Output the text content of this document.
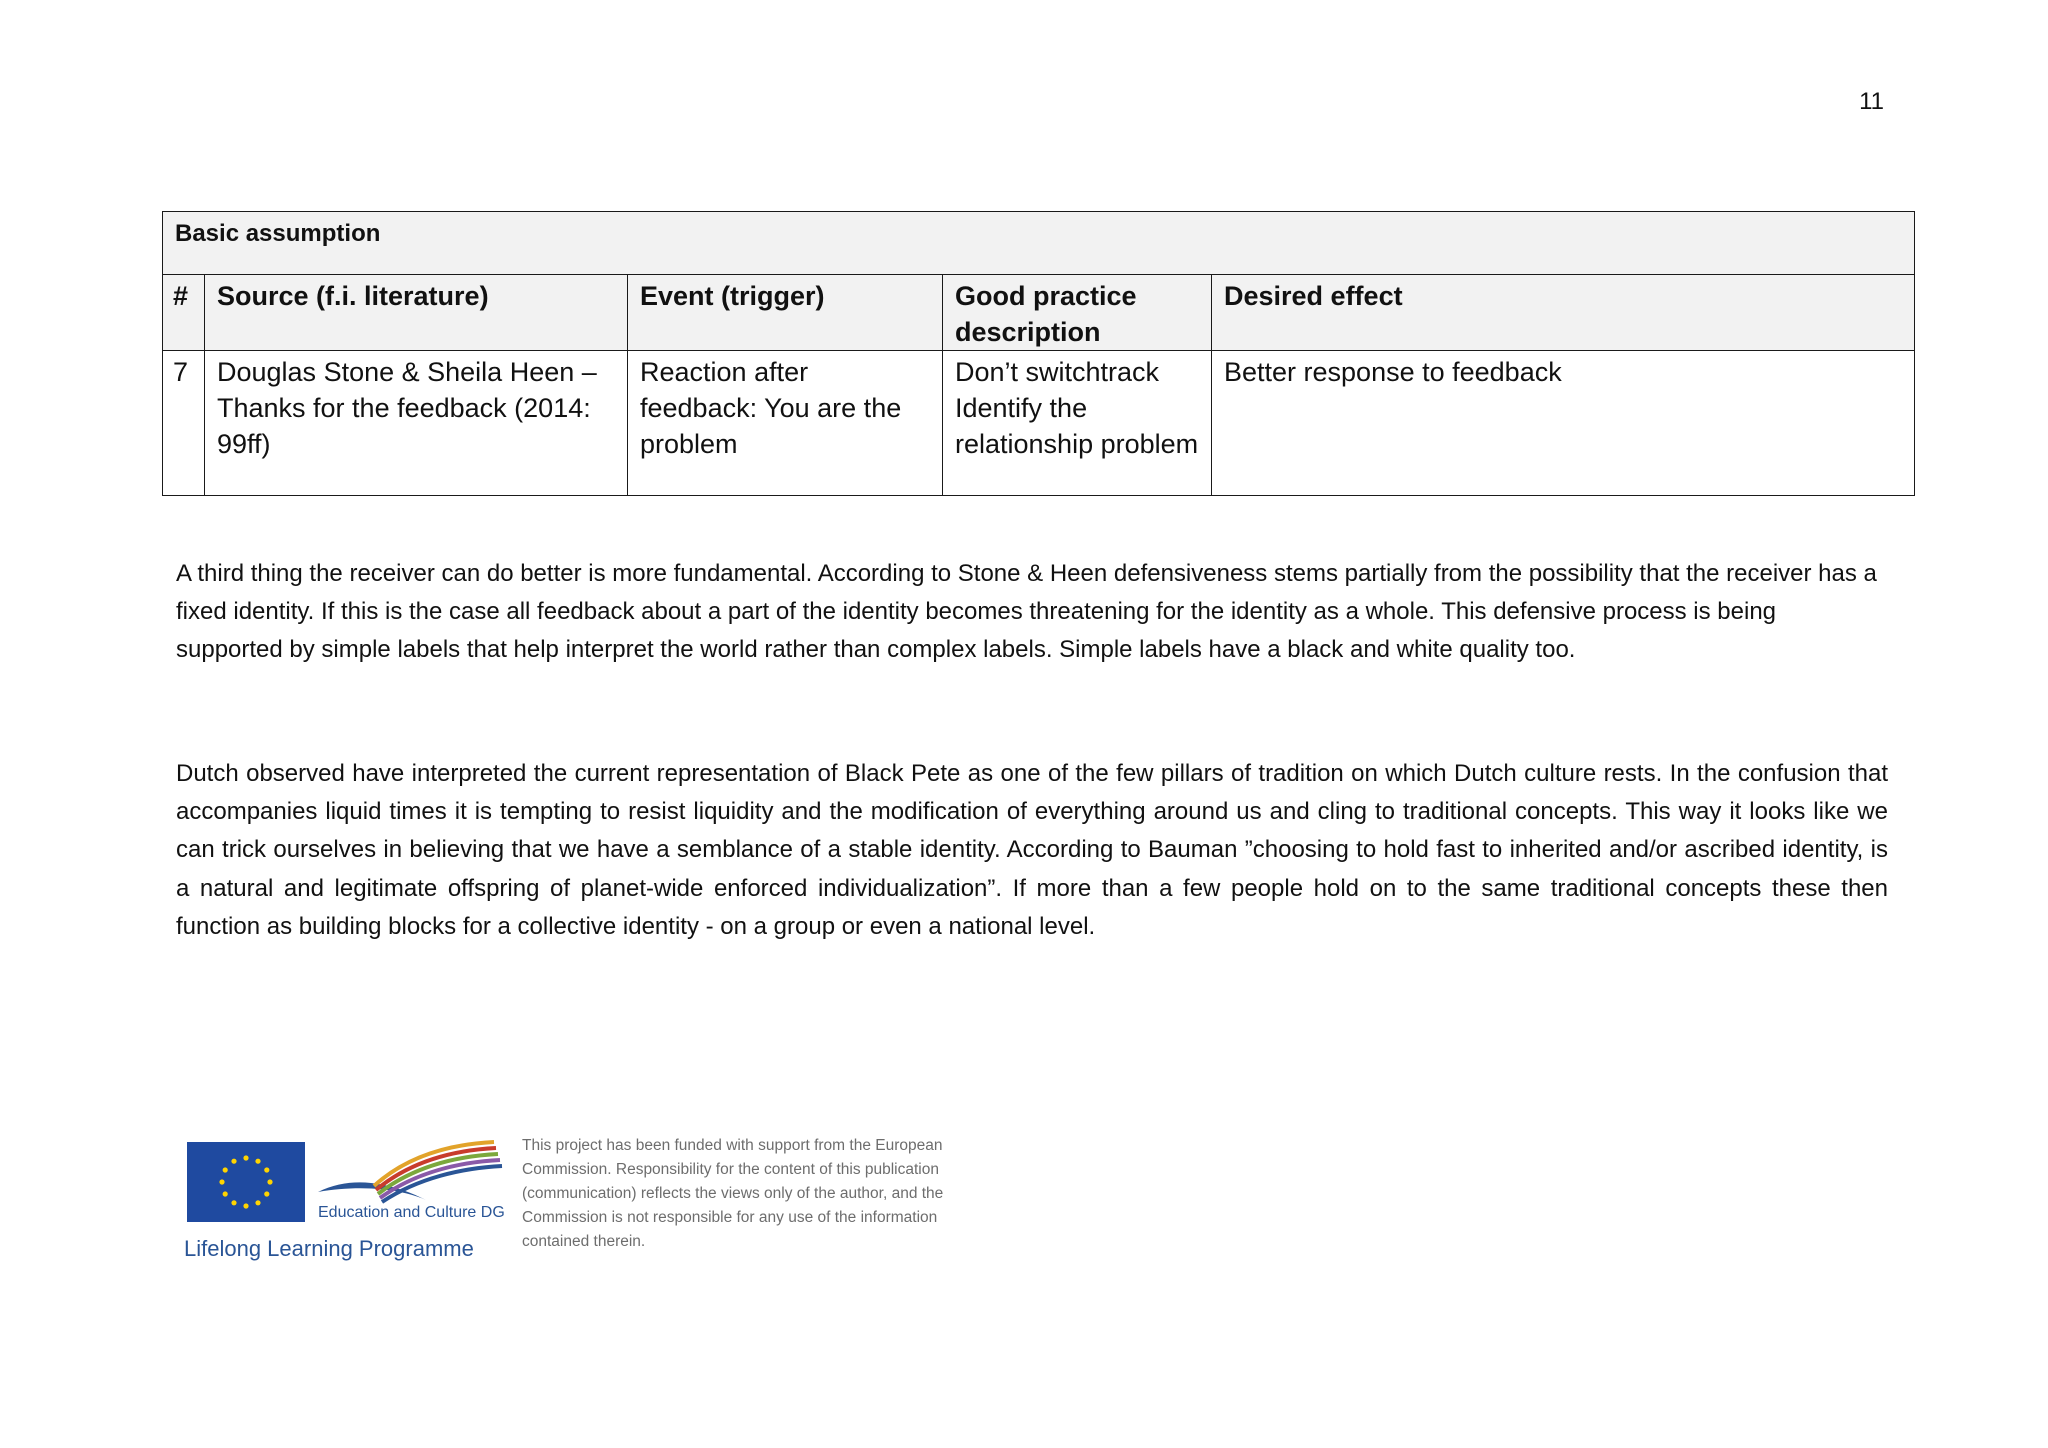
11
Basic assumption				
#	Source (f.i. literature)	Event (trigger)	Good practice description	Desired effect
7	Douglas Stone & Sheila Heen – Thanks for the feedback (2014: 99ff)	Reaction after feedback: You are the problem	Don’t switchtrack Identify the relationship problem	Better response to feedback

A third thing the receiver can do better is more fundamental. According to Stone & Heen defensiveness stems partially from the possibility that the receiver has a fixed identity. If this is the case all feedback about a part of the identity becomes threatening for the identity as a whole. This defensive process is being supported by simple labels that help interpret the world rather than complex labels. Simple labels have a black and white quality too.

Dutch observed have interpreted the current representation of Black Pete as one of the few pillars of tradition on which Dutch culture rests. In the confusion that accompanies liquid times it is tempting to resist liquidity and the modification of everything around us and cling to traditional concepts. This way it looks like we can trick ourselves in believing that we have a semblance of a stable identity. According to Bauman ”choosing to hold fast to inherited and/or ascribed identity, is a natural and legitimate offspring of planet-wide enforced individualization”. If more than a few people hold on to the same traditional concepts these then function as building blocks for a collective identity - on a group or even a national level.

Education and Culture DG
Lifelong Learning Programme
This project has been funded with support from the European Commission. Responsibility for the content of this publication (communication) reflects the views only of the author, and the Commission is not responsible for any use of the information contained therein.
